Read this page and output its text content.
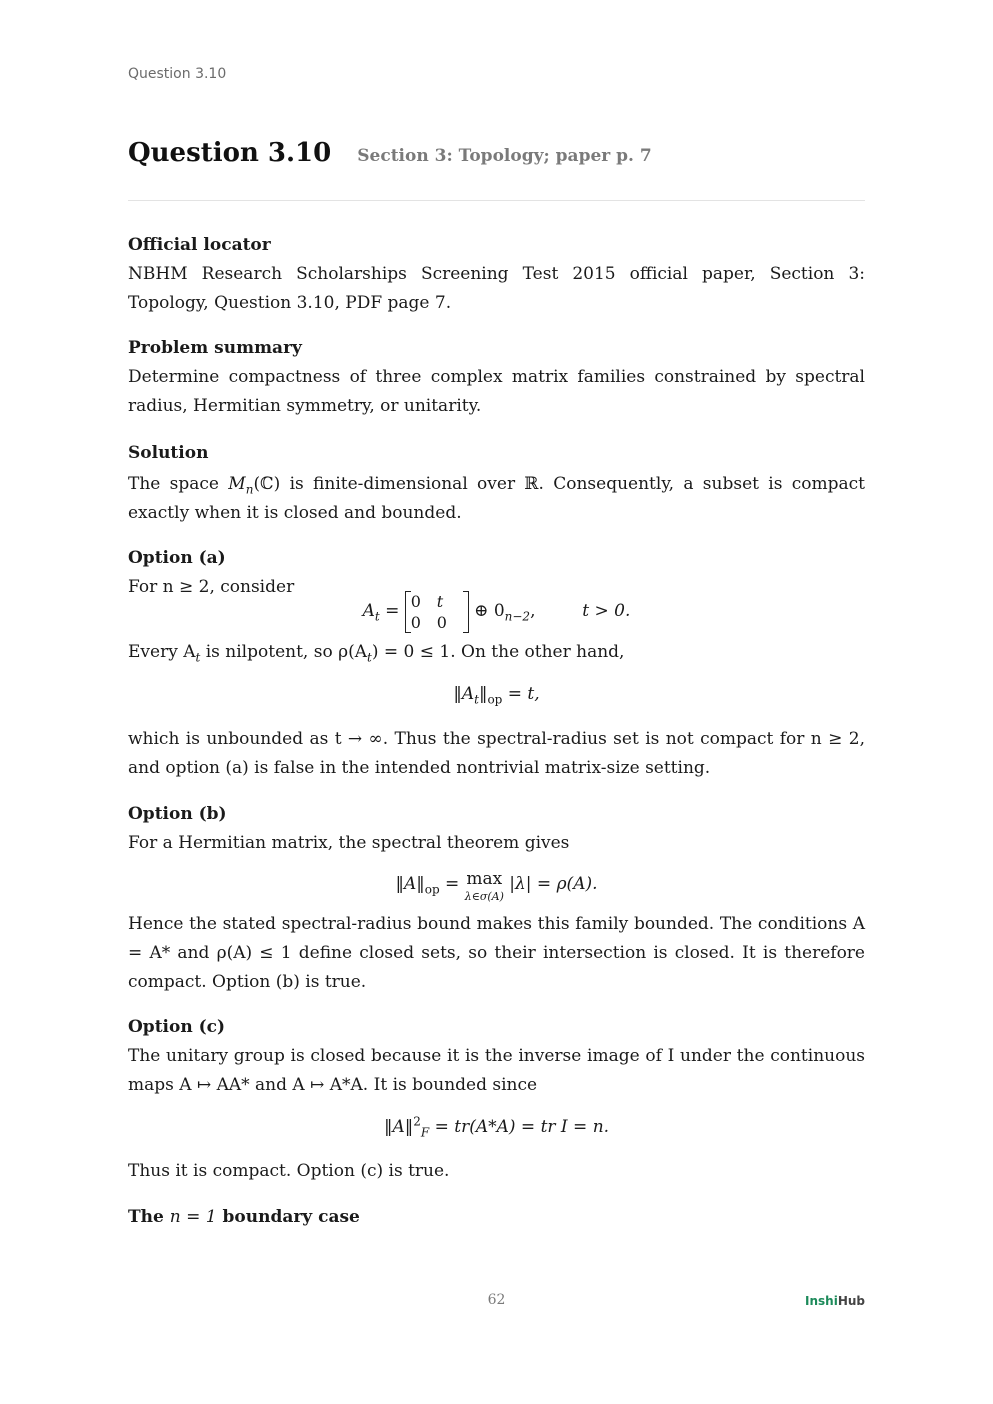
Question 3.10
Question 3.10 Section 3: Topology; paper p. 7
Official locator

NBHM Research Scholarships Screening Test 2015 official paper, Section 3: Topology, Question 3.10, PDF page 7.

Problem summary

Determine compactness of three complex matrix families constrained by spectral radius, Hermitian symmetry, or unitarity.

Solution

The space $M_n(ℂ)$ is finite-dimensional over ℝ. Consequently, a subset is compact exactly when it is closed and bounded.

Option (a)

For n ≥ 2, consider

$A_t = 0$ t
0 0
⊕ $0_{n-2}$,  t > 0.

Every $A_t$ is nilpotent, so $\rho(A_t) = 0 \le 1$. On the other hand,

$‖A_t‖_{op} = t$,

which is unbounded as t → ∞. Thus the spectral-radius set is not compact for n ≥ 2, and option (a) is false in the intended nontrivial matrix-size setting.

Option (b)

For a Hermitian matrix, the spectral theorem gives

$‖A‖_{op} = \max$
λ∈σ(A)
|λ| = ρ(A).

Hence the stated spectral-radius bound makes this family bounded. The conditions A = A* and ρ(A) ≤ 1 define closed sets, so their intersection is closed. It is therefore compact. Option (b) is true.

Option (c)

The unitary group is closed because it is the inverse image of I under the continuous maps A ↦ AA* and A ↦ A*A. It is bounded since

‖A‖$^2_F$ = tr(A*A) = tr I = n.

Thus it is compact. Option (c) is true.

The n = 1 boundary case
62	InshiHub
